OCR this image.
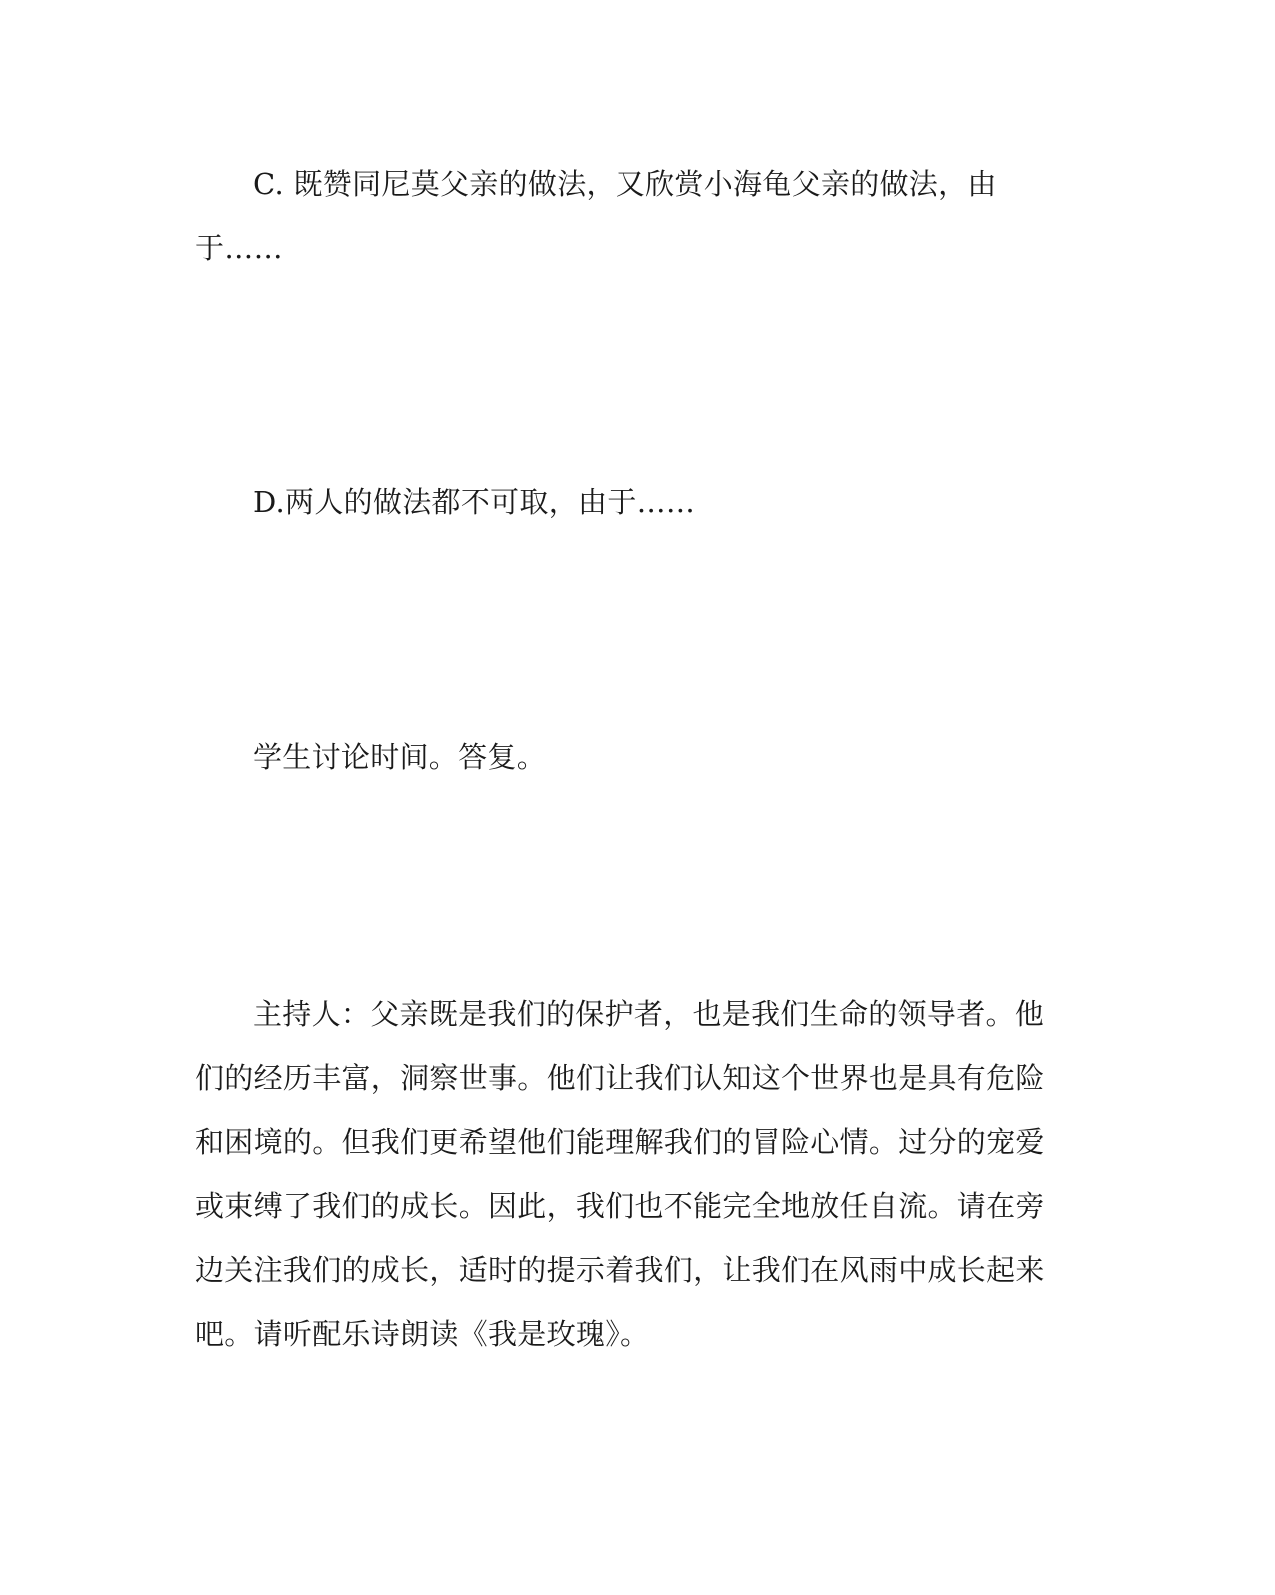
C. 既赞同尼莫父亲的做法，又欣赏小海龟父亲的做法，由于……

D.两人的做法都不可取，由于……

学生讨论时间。答复。

主持人：父亲既是我们的保护者，也是我们生命的领导者。他们的经历丰富，洞察世事。他们让我们认知这个世界也是具有危险和困境的。但我们更希望他们能理解我们的冒险心情。过分的宠爱或束缚了我们的成长。因此，我们也不能完全地放任自流。请在旁边关注我们的成长，适时的提示着我们，让我们在风雨中成长起来吧。请听配乐诗朗读《我是玫瑰》。
